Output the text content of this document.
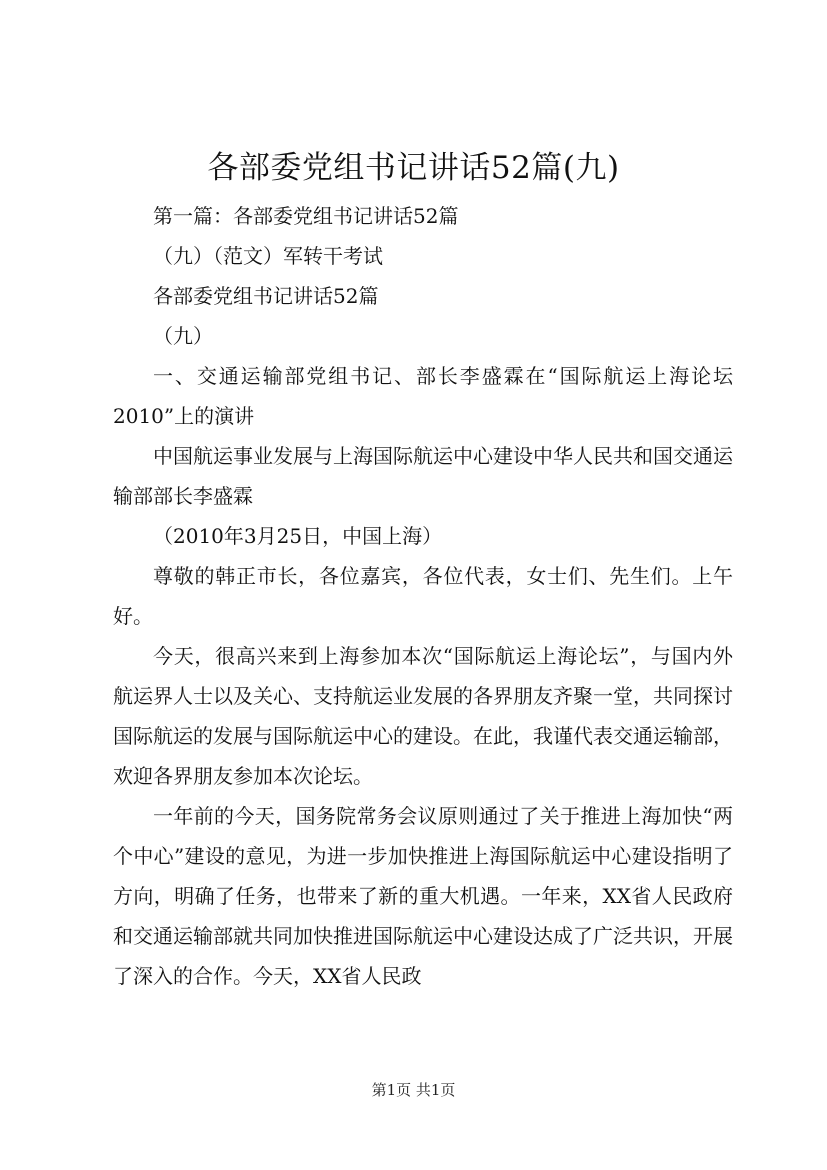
各部委党组书记讲话52篇(九)

第一篇：各部委党组书记讲话52篇

（九）（范文）军转干考试

各部委党组书记讲话52篇

（九）

一、交通运输部党组书记、部长李盛霖在“国际航运上海论坛2010”上的演讲

中国航运事业发展与上海国际航运中心建设中华人民共和国交通运输部部长李盛霖

（2010年3月25日，中国上海）

尊敬的韩正市长，各位嘉宾，各位代表，女士们、先生们。上午好。

今天，很高兴来到上海参加本次“国际航运上海论坛”，与国内外航运界人士以及关心、支持航运业发展的各界朋友齐聚一堂，共同探讨国际航运的发展与国际航运中心的建设。在此，我谨代表交通运输部，欢迎各界朋友参加本次论坛。

一年前的今天，国务院常务会议原则通过了关于推进上海加快“两个中心”建设的意见，为进一步加快推进上海国际航运中心建设指明了方向，明确了任务，也带来了新的重大机遇。一年来，XX省人民政府和交通运输部就共同加快推进国际航运中心建设达成了广泛共识，开展了深入的合作。今天，XX省人民政

第1页 共1页
